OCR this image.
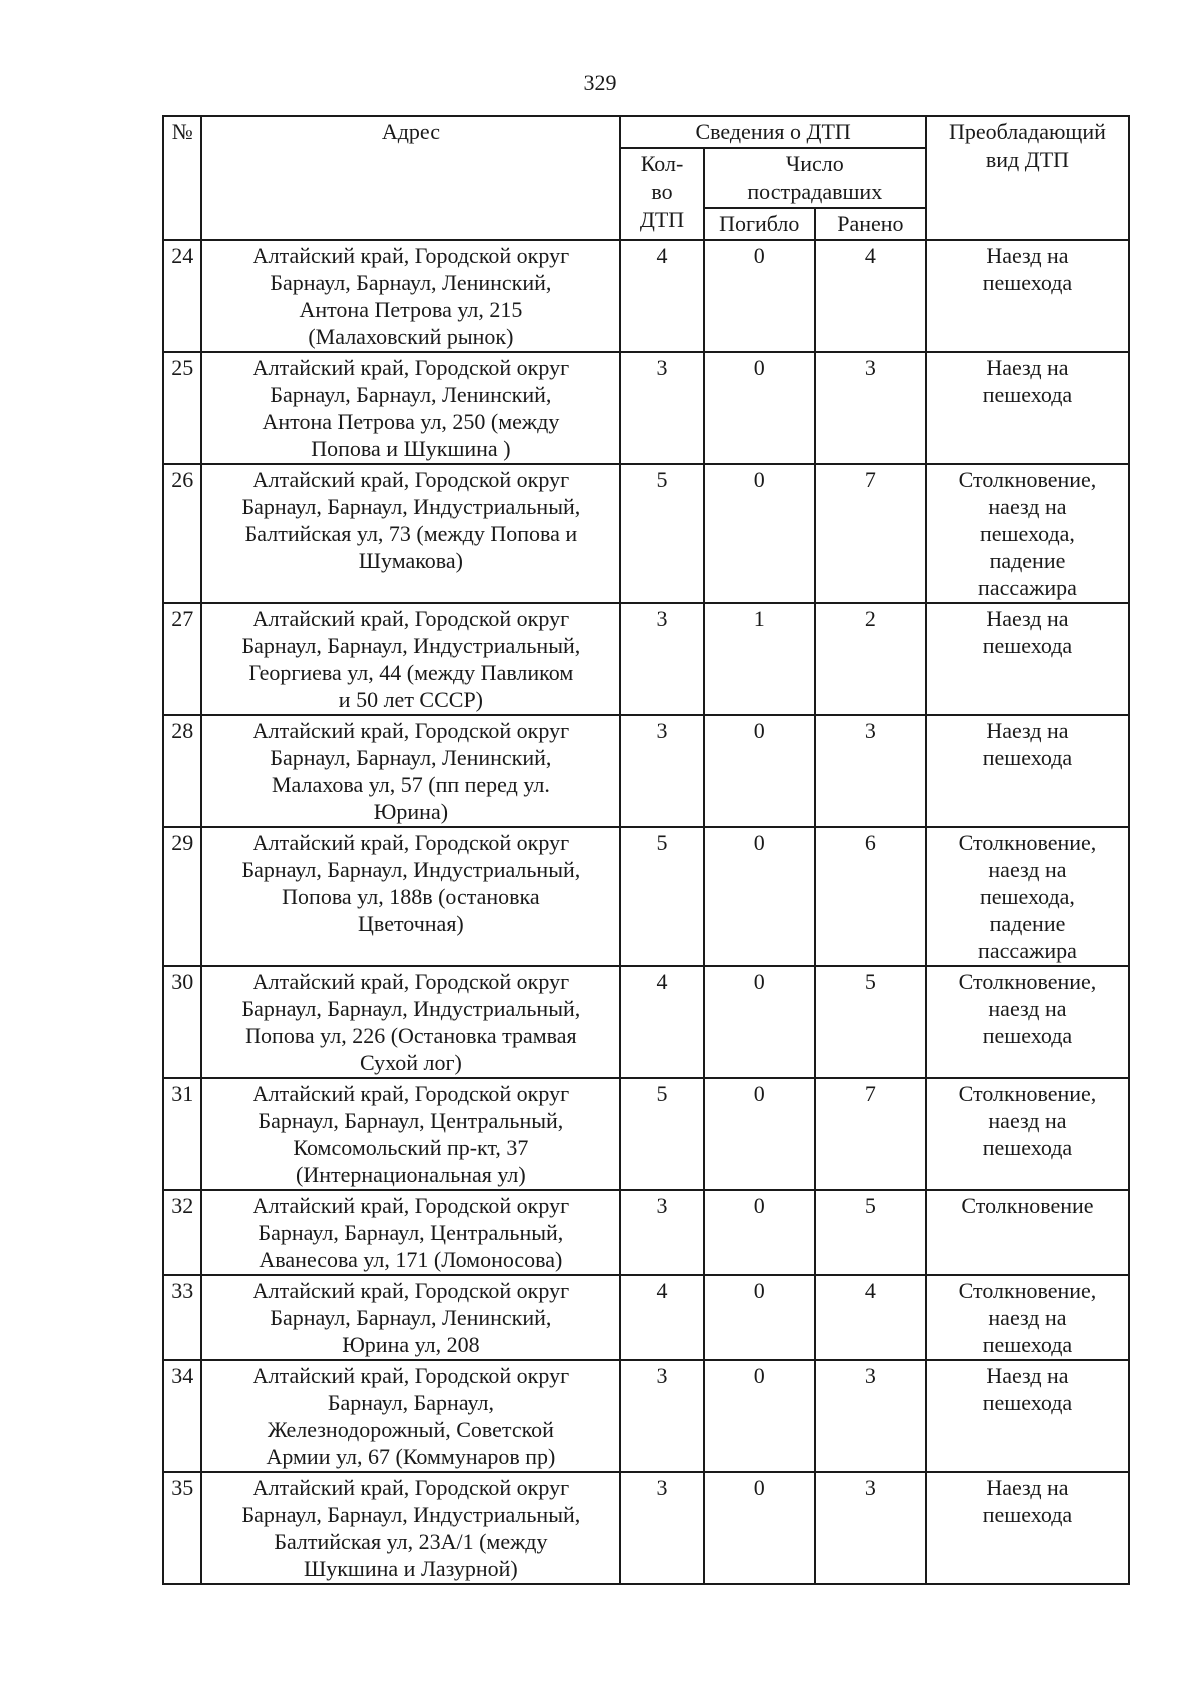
329
№	Адрес	Сведения о ДТП			Преобладающий
вид ДТП
		Кол-
во
ДТП	Число
пострадавших		
			Погибло	Ранено	
24	Алтайский край, Городской округ
Барнаул, Барнаул, Ленинский,
Антона Петрова ул, 215
(Малаховский рынок)	4	0	4	Наезд на
пешехода
25	Алтайский край, Городской округ
Барнаул, Барнаул, Ленинский,
Антона Петрова ул, 250 (между
Попова и Шукшина )	3	0	3	Наезд на
пешехода
26	Алтайский край, Городской округ
Барнаул, Барнаул, Индустриальный,
Балтийская ул, 73 (между Попова и
Шумакова)	5	0	7	Столкновение,
наезд на
пешехода,
падение
пассажира
27	Алтайский край, Городской округ
Барнаул, Барнаул, Индустриальный,
Георгиева ул, 44 (между Павликом
и 50 лет СССР)	3	1	2	Наезд на
пешехода
28	Алтайский край, Городской округ
Барнаул, Барнаул, Ленинский,
Малахова ул, 57 (пп перед ул.
Юрина)	3	0	3	Наезд на
пешехода
29	Алтайский край, Городской округ
Барнаул, Барнаул, Индустриальный,
Попова ул, 188в (остановка
Цветочная)	5	0	6	Столкновение,
наезд на
пешехода,
падение
пассажира
30	Алтайский край, Городской округ
Барнаул, Барнаул, Индустриальный,
Попова ул, 226 (Остановка трамвая
Сухой лог)	4	0	5	Столкновение,
наезд на
пешехода
31	Алтайский край, Городской округ
Барнаул, Барнаул, Центральный,
Комсомольский пр-кт, 37
(Интернациональная ул)	5	0	7	Столкновение,
наезд на
пешехода
32	Алтайский край, Городской округ
Барнаул, Барнаул, Центральный,
Аванесова ул, 171 (Ломоносова)	3	0	5	Столкновение
33	Алтайский край, Городской округ
Барнаул, Барнаул, Ленинский,
Юрина ул, 208	4	0	4	Столкновение,
наезд на
пешехода
34	Алтайский край, Городской округ
Барнаул, Барнаул,
Железнодорожный, Советской
Армии ул, 67 (Коммунаров пр)	3	0	3	Наезд на
пешехода
35	Алтайский край, Городской округ
Барнаул, Барнаул, Индустриальный,
Балтийская ул, 23А/1 (между
Шукшина и Лазурной)	3	0	3	Наезд на
пешехода
